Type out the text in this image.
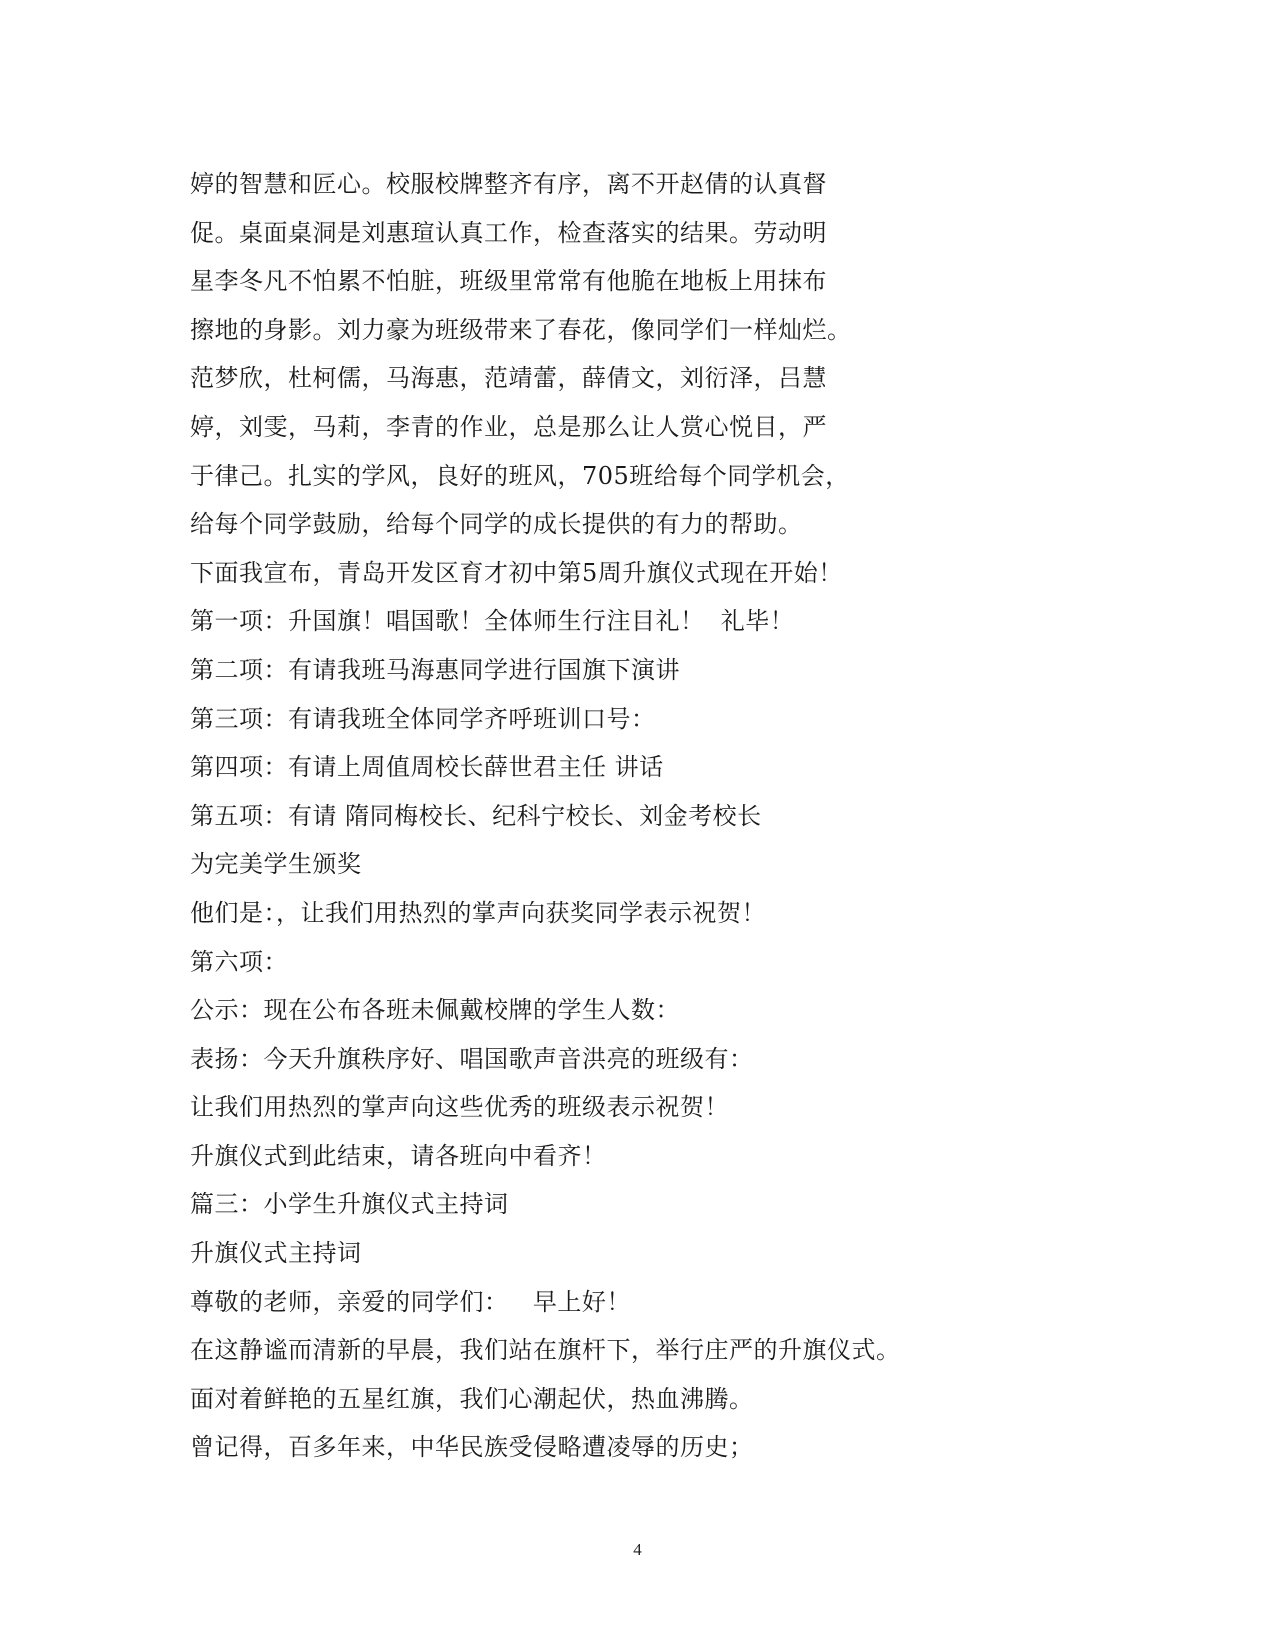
婷的智慧和匠心。校服校牌整齐有序，离不开赵倩的认真督
促。桌面桌洞是刘惠瑄认真工作，检查落实的结果。劳动明
星李冬凡不怕累不怕脏，班级里常常有他脆在地板上用抹布
擦地的身影。刘力豪为班级带来了春花，像同学们一样灿烂。
范梦欣，杜柯儒，马海惠，范靖蕾，薛倩文，刘衍泽，吕慧
婷，刘雯，马莉，李青的作业，总是那么让人赏心悦目，严
于律己。扎实的学风，良好的班风，705班给每个同学机会，
给每个同学鼓励，给每个同学的成长提供的有力的帮助。
下面我宣布，青岛开发区育才初中第5周升旗仪式现在开始！
第一项：升国旗！唱国歌！全体师生行注目礼！  礼毕！
第二项：有请我班马海惠同学进行国旗下演讲
第三项：有请我班全体同学齐呼班训口号：
第四项：有请上周值周校长薛世君主任 讲话
第五项：有请 隋同梅校长、纪科宁校长、刘金考校长
为完美学生颁奖
他们是：，让我们用热烈的掌声向获奖同学表示祝贺！
第六项：
公示：现在公布各班未佩戴校牌的学生人数：
表扬：今天升旗秩序好、唱国歌声音洪亮的班级有：
让我们用热烈的掌声向这些优秀的班级表示祝贺！
升旗仪式到此结束，请各班向中看齐！
篇三：小学生升旗仪式主持词
升旗仪式主持词
尊敬的老师，亲爱的同学们：   早上好！
在这静谧而清新的早晨，我们站在旗杆下，举行庄严的升旗仪式。
面对着鲜艳的五星红旗，我们心潮起伏，热血沸腾。
曾记得，百多年来，中华民族受侵略遭凌辱的历史；
4
